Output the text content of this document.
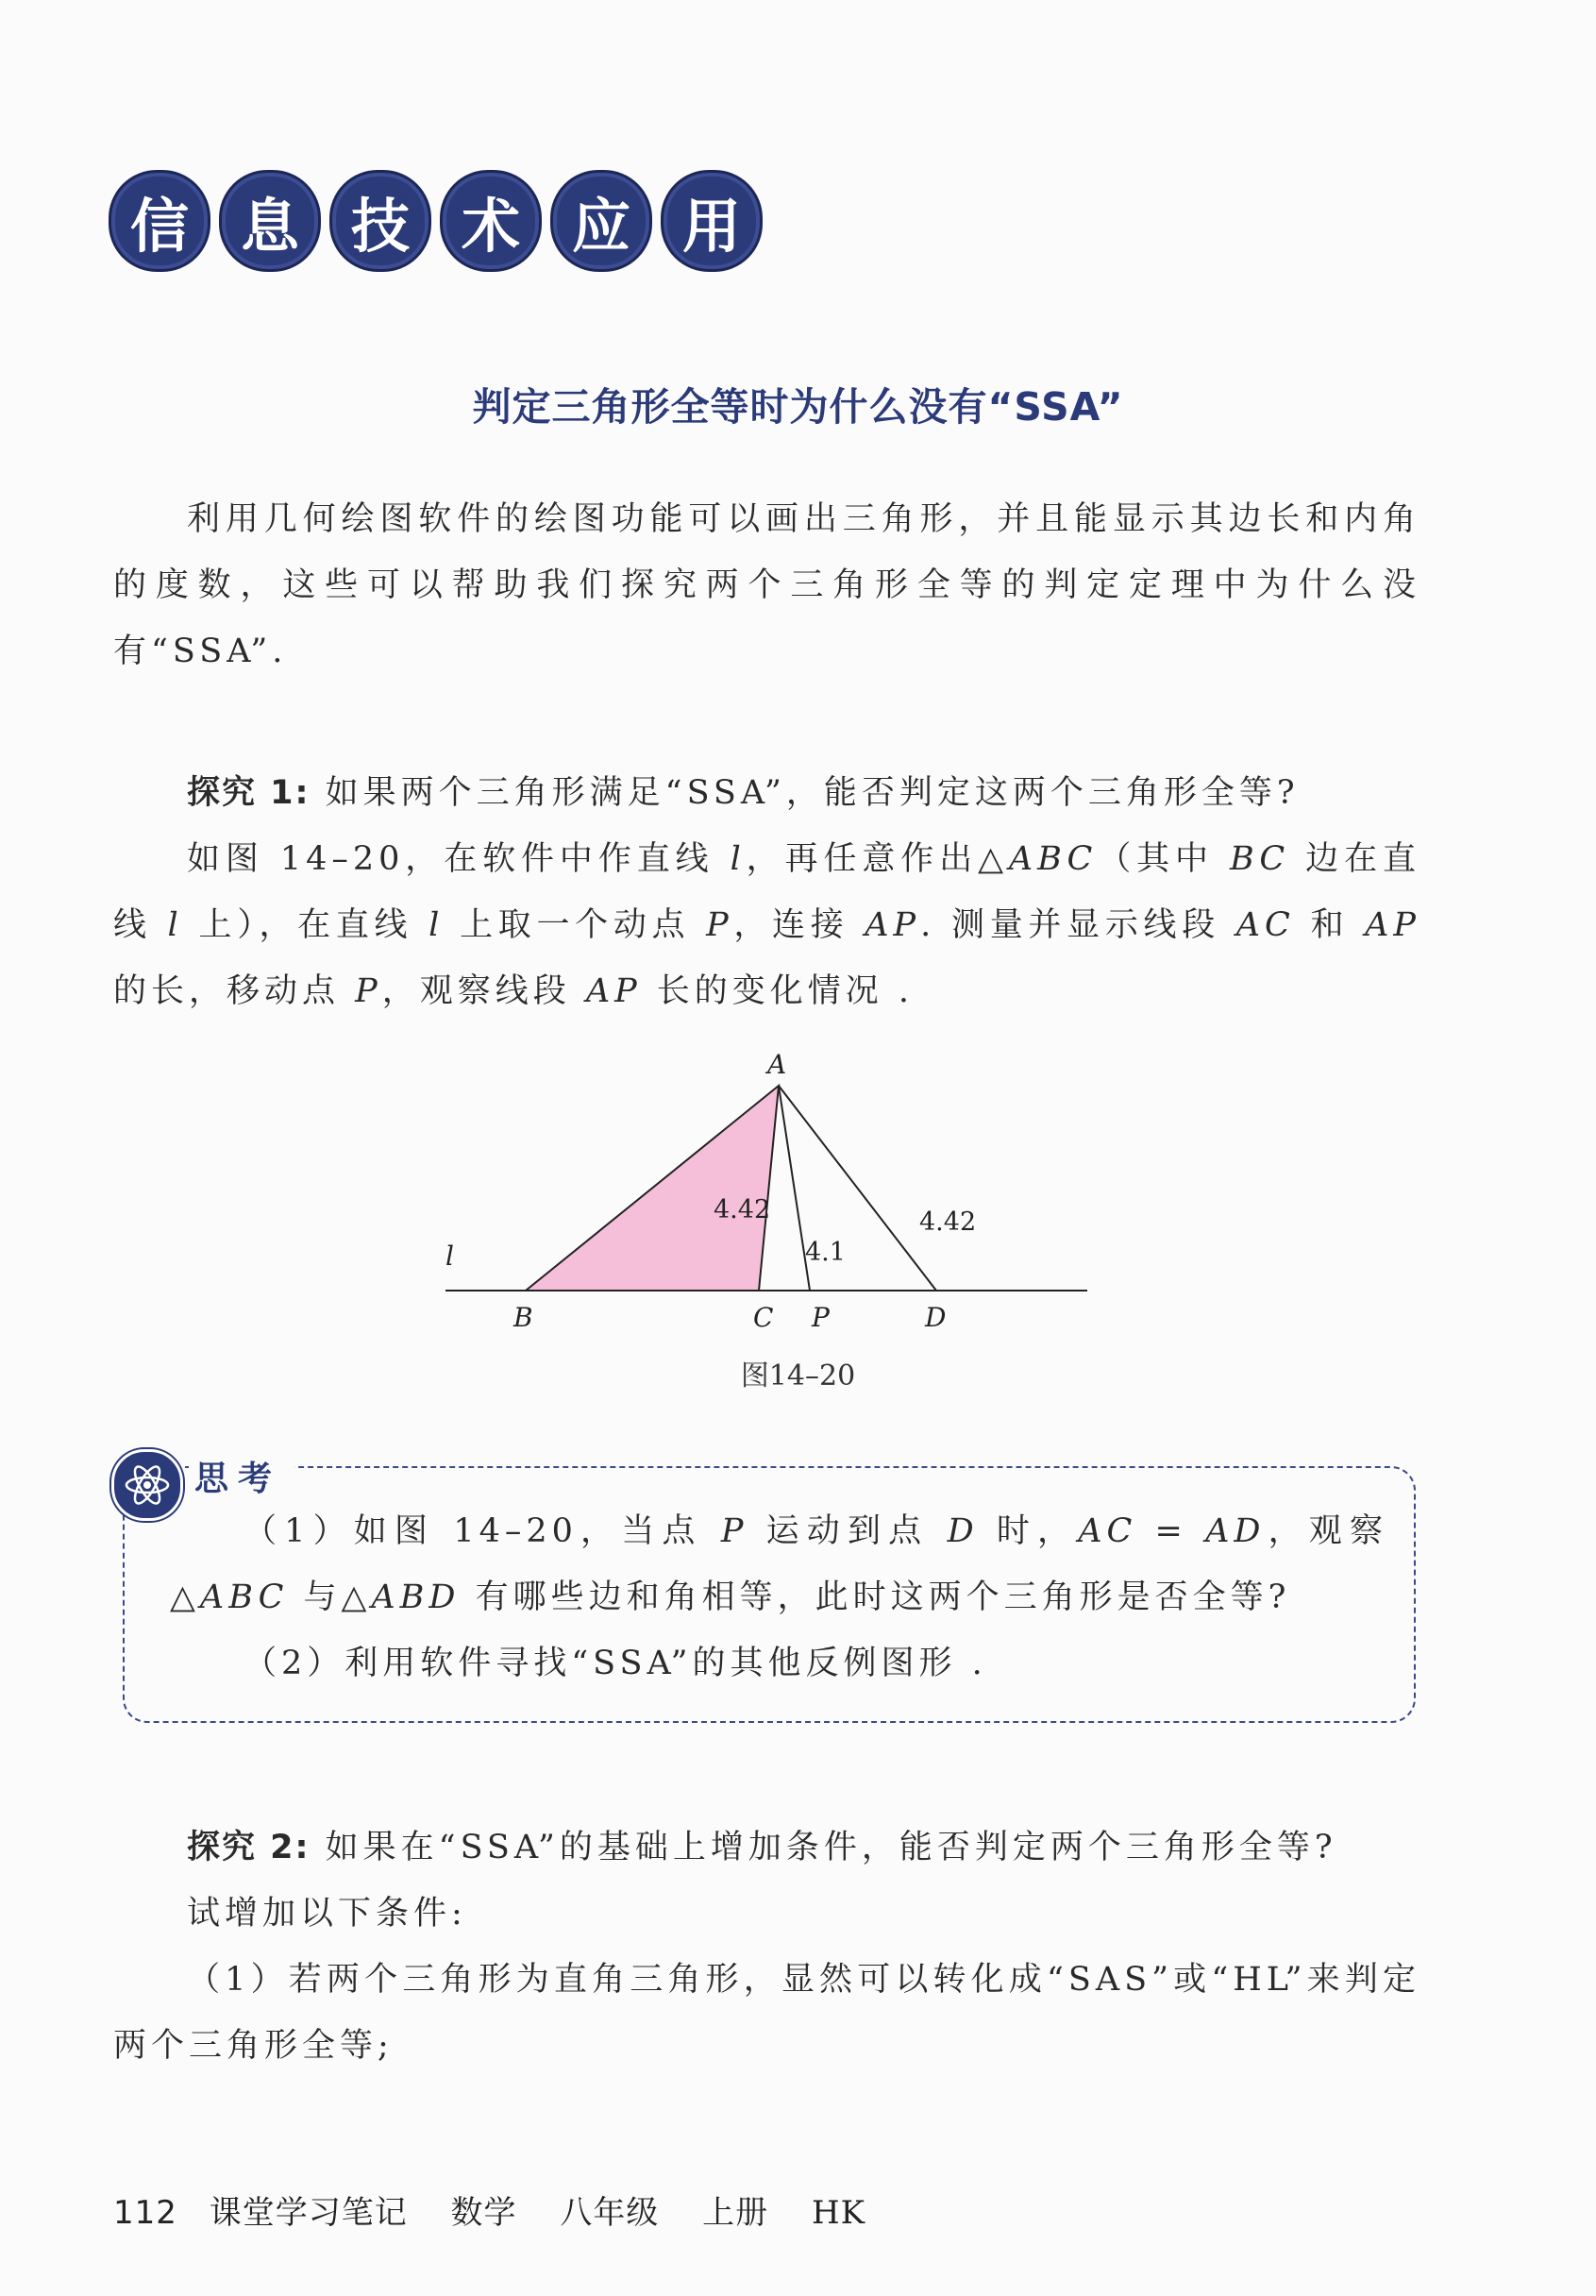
信 息 技 术 应 用
判定三角形全等时为什么没有“SSA”

利用几何绘图软件的绘图功能可以画出三角形，并且能显示其边长和内角的度数，这些可以帮助我们探究两个三角形全等的判定定理中为什么没有“SSA”.

探究 1: 如果两个三角形满足“SSA”，能否判定这两个三角形全等?

如图 14–20，在软件中作直线 l，再任意作出△ABC（其中 BC 边在直线 l 上），在直线 l 上取一个动点 P，连接 AP. 测量并显示线段 AC 和 AP 的长，移动点 P，观察线段 AP 长的变化情况 .

A
B	C P	D
l
4.42
4.1
4.42
图14–20

（1）如图 14–20，当点 P 运动到点 D 时，AC = AD，观察△ABC 与△ABD 有哪些边和角相等，此时这两个三角形是否全等?

（2）利用软件寻找“SSA”的其他反例图形 .

思考

探究 2: 如果在“SSA”的基础上增加条件，能否判定两个三角形全等?

试增加以下条件:

（1）若两个三角形为直角三角形，显然可以转化成“SAS”或“HL”来判定两个三角形全等;

112 课堂学习笔记 数学 八年级 上册 HK
